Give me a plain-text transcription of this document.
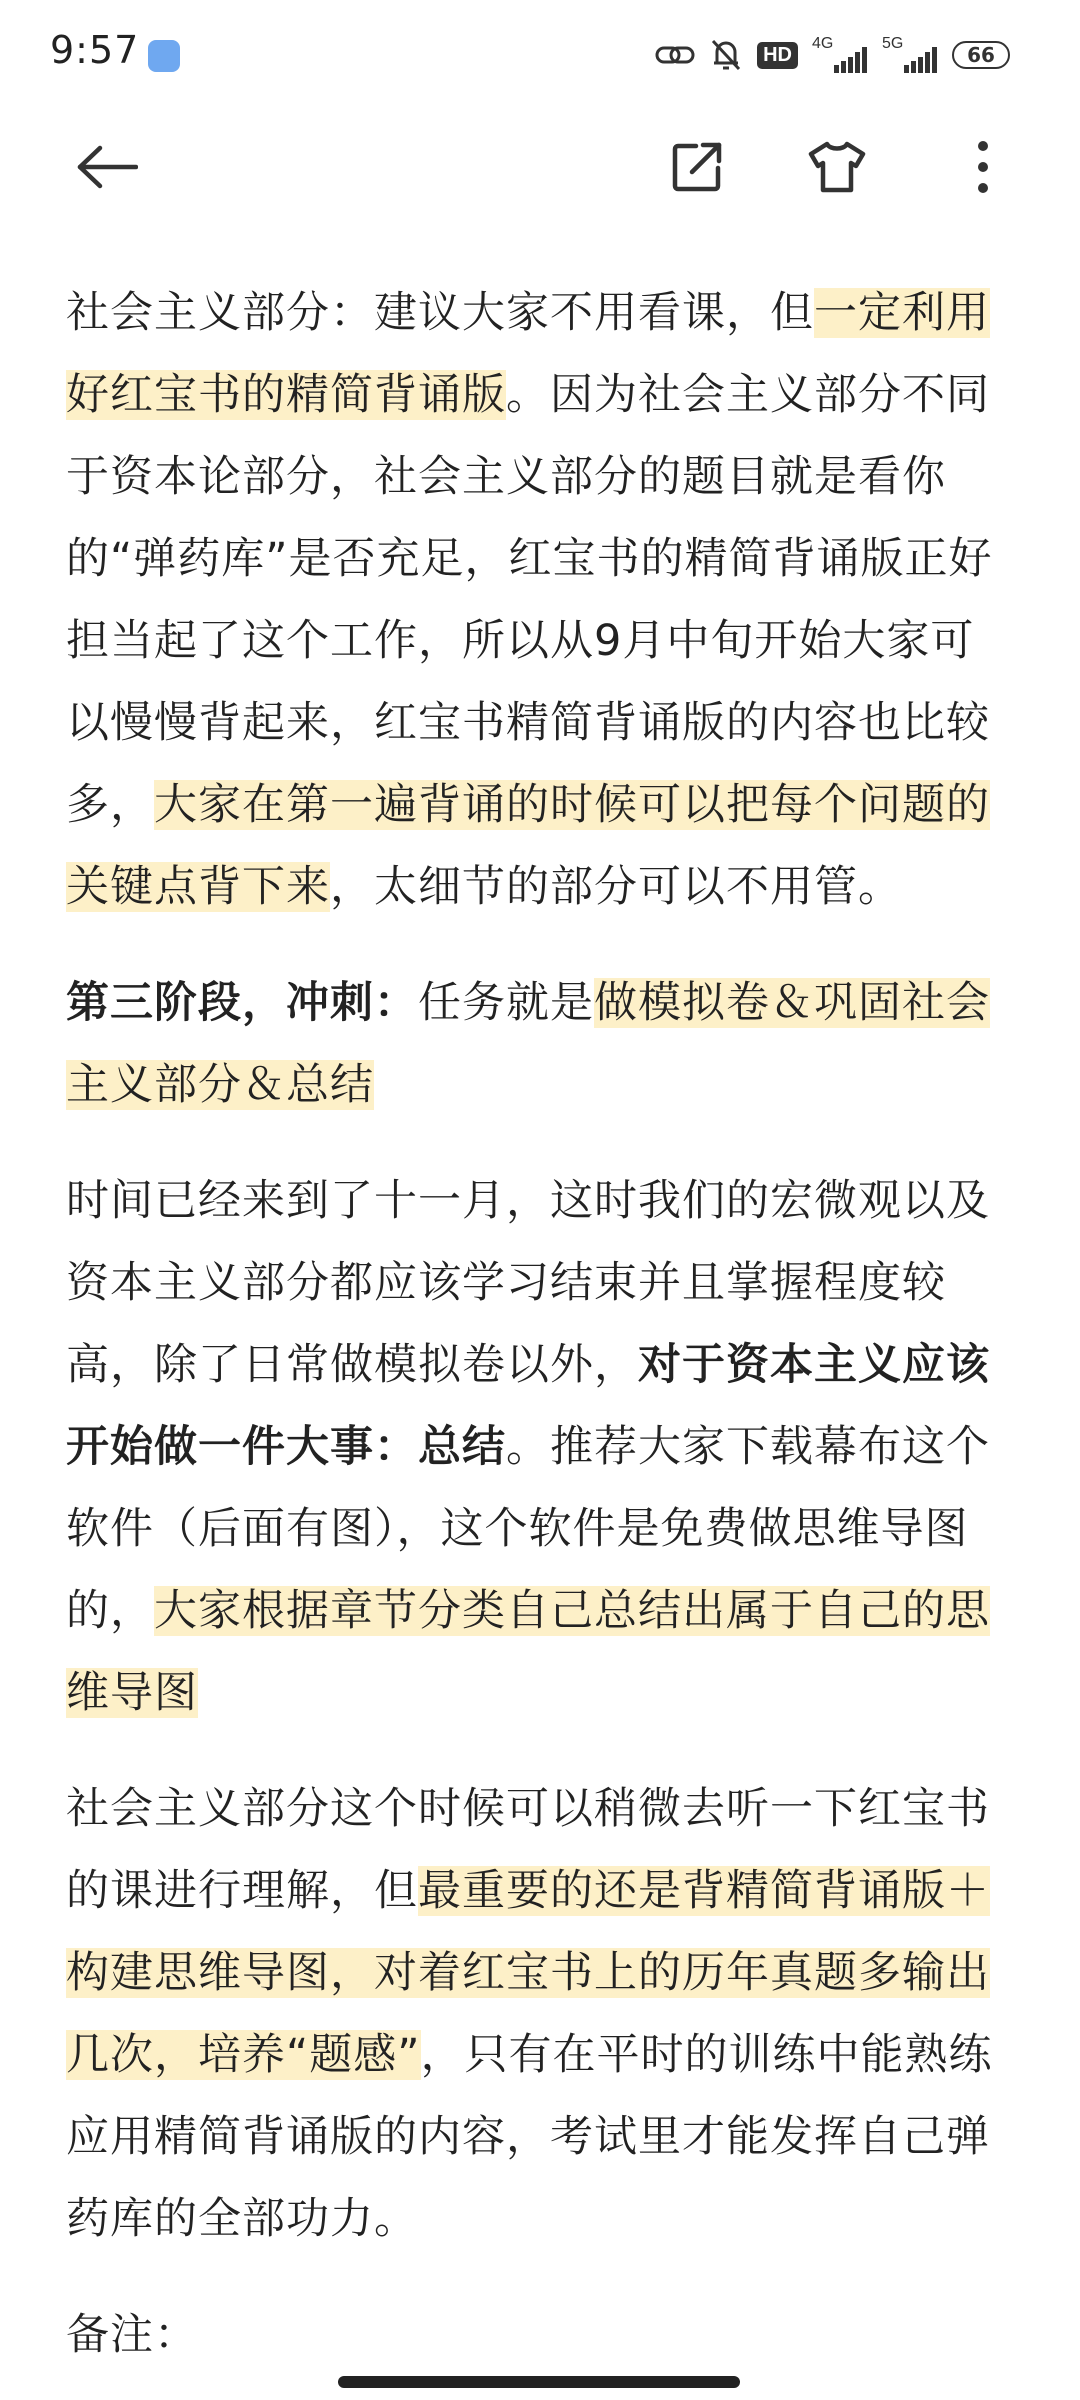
9:57	HD	4G	5G	66

社会主义部分：建议大家不用看课，但一定利用好红宝书的精简背诵版。因为社会主义部分不同于资本论部分，社会主义部分的题目就是看你的“弹药库”是否充足，红宝书的精简背诵版正好担当起了这个工作，所以从9月中旬开始大家可以慢慢背起来，红宝书精简背诵版的内容也比较多，大家在第一遍背诵的时候可以把每个问题的关键点背下来，太细节的部分可以不用管。

第三阶段，冲刺：任务就是做模拟卷＆巩固社会主义部分＆总结

时间已经来到了十一月，这时我们的宏微观以及资本主义部分都应该学习结束并且掌握程度较高，除了日常做模拟卷以外，对于资本主义应该开始做一件大事：总结。推荐大家下载幕布这个软件（后面有图），这个软件是免费做思维导图的，大家根据章节分类自己总结出属于自己的思维导图

社会主义部分这个时候可以稍微去听一下红宝书的课进行理解，但最重要的还是背精简背诵版＋构建思维导图，对着红宝书上的历年真题多输出几次，培养“题感”，只有在平时的训练中能熟练应用精简背诵版的内容，考试里才能发挥自己弹药库的全部功力。

备注：
